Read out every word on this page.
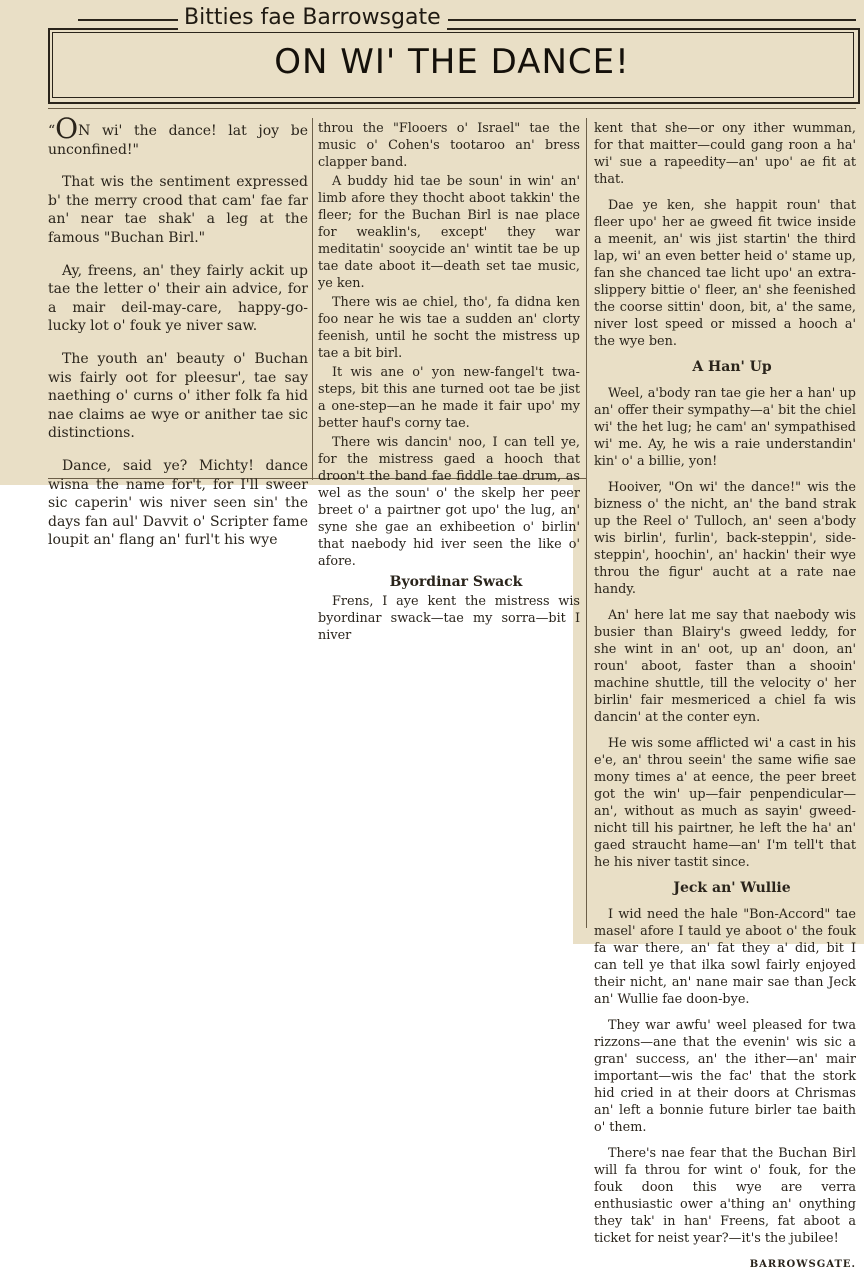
Bitties fae Barrowsgate
ON WI' THE DANCE!

“ON wi' the dance! lat joy be unconfined!"

That wis the sentiment expressed b' the merry crood that cam' fae far an' near tae shak' a leg at the famous "Buchan Birl."

Ay, freens, an' they fairly ackit up tae the letter o' their ain advice, for a mair deil-may-care, happy-go-lucky lot o' fouk ye niver saw.

The youth an' beauty o' Buchan wis fairly oot for pleesur', tae say naething o' curns o' ither folk fa hid nae claims ae wye or anither tae sic distinctions.

Dance, said ye? Michty! dance wisna the name for't, for I'll sweer sic caperin' wis niver seen sin' the days fan aul' Davvit o' Scripter fame loupit an' flang an' furl't his wye

throu the "Flooers o' Israel" tae the music o' Cohen's tootaroo an' bress clapper band.

A buddy hid tae be soun' in win' an' limb afore they thocht aboot takkin' the fleer; for the Buchan Birl is nae place for weaklin's, except' they war meditatin' sooycide an' wintit tae be up tae date aboot it—death set tae music, ye ken.

There wis ae chiel, tho', fa didna ken foo near he wis tae a sudden an' clorty feenish, until he socht the mistress up tae a bit birl.

It wis ane o' yon new-fangel't twa-steps, bit this ane turned oot tae be jist a one-step—an he made it fair upo' my better hauf's corny tae.

There wis dancin' noo, I can tell ye, for the mistress gaed a hooch that droon't the band fae fiddle tae drum, as wel as the soun' o' the skelp her peer breet o' a pairtner got upo' the lug, an' syne she gae an exhibeetion o' birlin' that naebody hid iver seen the like o' afore.

Byordinar Swack

Frens, I aye kent the mistress wis byordinar swack—tae my sorra—bit I niver

kent that she—or ony ither wumman, for that maitter—could gang roon a ha' wi' sue a rapeedity—an' upo' ae fit at that.

Dae ye ken, she happit roun' that fleer upo' her ae gweed fit twice inside a meenit, an' wis jist startin' the third lap, wi' an even better heid o' stame up, fan she chanced tae licht upo' an extra-slippery bittie o' fleer, an' she feenished the coorse sittin' doon, bit, a' the same, niver lost speed or missed a hooch a' the wye ben.

A Han' Up

Weel, a'body ran tae gie her a han' up an' offer their sympathy—a' bit the chiel wi' the het lug; he cam' an' sympathised wi' me. Ay, he wis a raie understandin' kin' o' a billie, yon!

Hooiver, "On wi' the dance!" wis the bizness o' the nicht, an' the band strak up the Reel o' Tulloch, an' seen a'body wis birlin', furlin', back-steppin', side-steppin', hoochin', an' hackin' their wye throu the figur' aucht at a rate nae handy.

An' here lat me say that naebody wis busier than Blairy's gweed leddy, for she wint in an' oot, up an' doon, an' roun' aboot, faster than a shooin' machine shuttle, till the velocity o' her birlin' fair mesmericed a chiel fa wis dancin' at the conter eyn.

He wis some afflicted wi' a cast in his e'e, an' throu seein' the same wifie sae mony times a' at eence, the peer breet got the win' up—fair penpendicular—an', without as much as sayin' gweed-nicht till his pairtner, he left the ha' an' gaed straucht hame—an' I'm tell't that he his niver tastit since.

Jeck an' Wullie

I wid need the hale "Bon-Accord" tae masel' afore I tauld ye aboot o' the fouk fa war there, an' fat they a' did, bit I can tell ye that ilka sowl fairly enjoyed their nicht, an' nane mair sae than Jeck an' Wullie fae doon-bye.

They war awfu' weel pleased for twa rizzons—ane that the evenin' wis sic a gran' success, an' the ither—an' mair important—wis the fac' that the stork hid cried in at their doors at Chrismas an' left a bonnie future birler tae baith o' them.

There's nae fear that the Buchan Birl will fa throu for wint o' fouk, for the fouk doon this wye are verra enthusiastic ower a'thing an' onything they tak' in han' Freens, fat aboot a ticket for neist year?—it's the jubilee!

BARROWSGATE.
